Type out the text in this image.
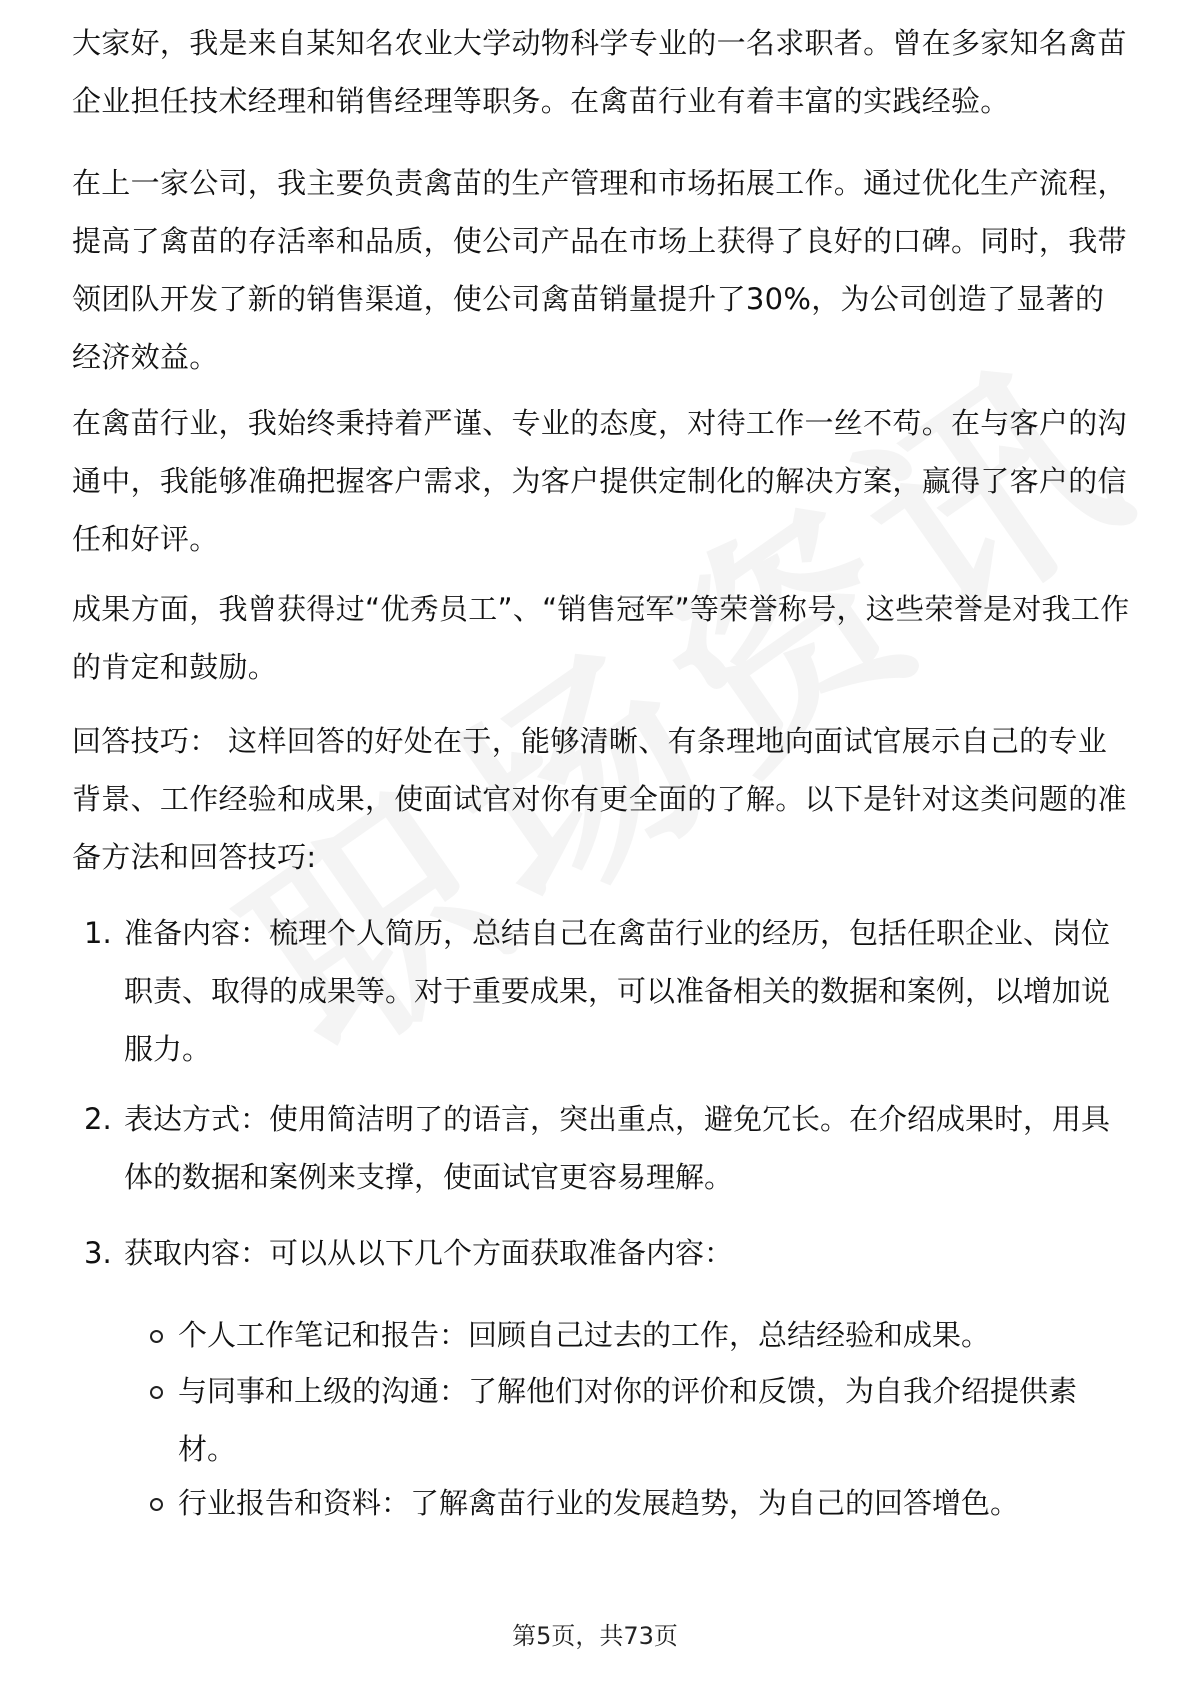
大家好，我是来自某知名农业大学动物科学专业的一名求职者。曾在多家知名禽苗

企业担任技术经理和销售经理等职务。在禽苗行业有着丰富的实践经验。

在上一家公司，我主要负责禽苗的生产管理和市场拓展工作。通过优化生产流程，提高了禽苗的存活率和品质，使公司产品在市场上获得了良好的口碑。同时，我带领团队开发了新的销售渠道，使公司禽苗销量提升了30%，为公司创造了显著的经济效益。

在禽苗行业，我始终秉持着严谨、专业的态度，对待工作一丝不苟。在与客户的沟通中，我能够准确把握客户需求，为客户提供定制化的解决方案，赢得了客户的信任和好评。

成果方面，我曾获得过“优秀员工”、“销售冠军”等荣誉称号，这些荣誉是对我工作的肯定和鼓励。

回答技巧： 这样回答的好处在于，能够清晰、有条理地向面试官展示自己的专业背景、工作经验和成果，使面试官对你有更全面的了解。以下是针对这类问题的准备方法和回答技巧:

1. 准备内容：梳理个人简历，总结自己在禽苗行业的经历，包括任职企业、岗位职责、取得的成果等。对于重要成果，可以准备相关的数据和案例，以增加说服力。
2. 表达方式：使用简洁明了的语言，突出重点，避免冗长。在介绍成果时，用具体的数据和案例来支撑，使面试官更容易理解。
3. 获取内容：可以从以下几个方面获取准备内容：
个人工作笔记和报告：回顾自己过去的工作，总结经验和成果。
与同事和上级的沟通：了解他们对你的评价和反馈，为自我介绍提供素材。
行业报告和资料：了解禽苗行业的发展趋势，为自己的回答增色。
第5页，共73页
